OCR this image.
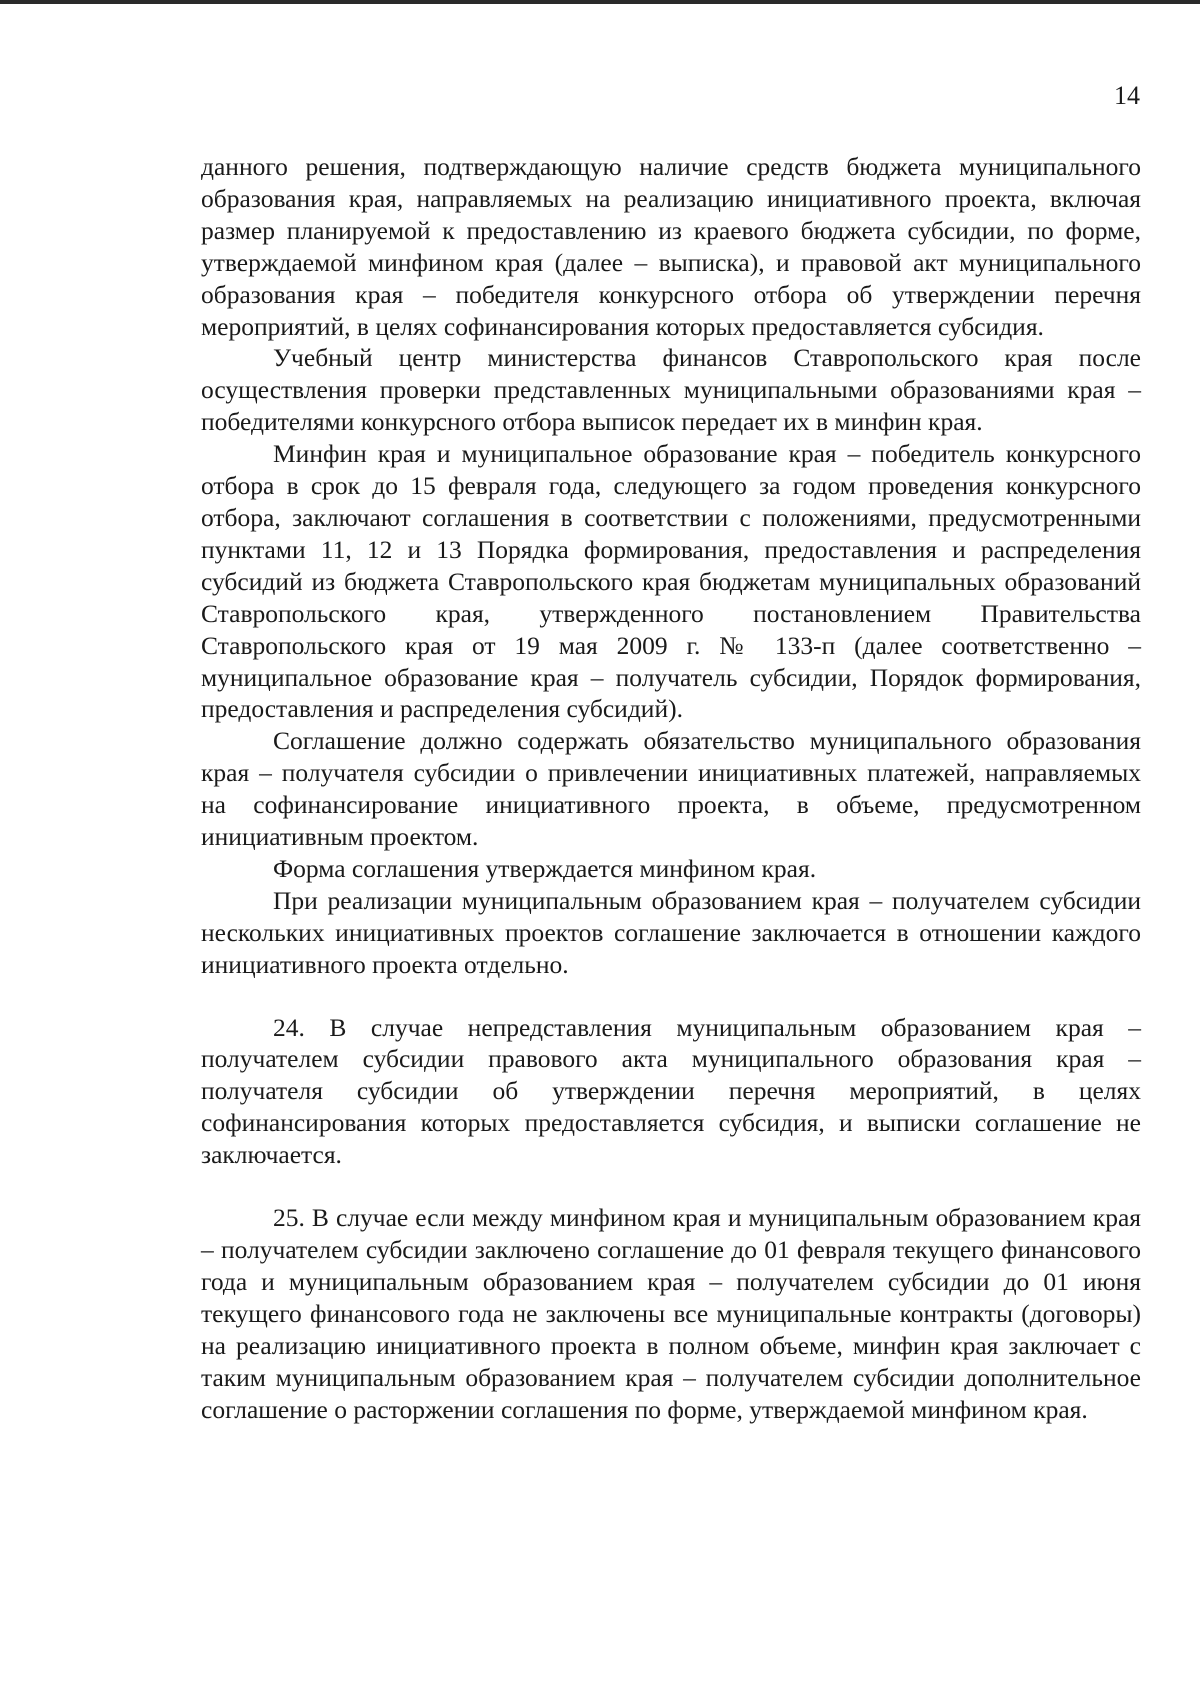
14

данного решения, подтверждающую наличие средств бюджета муниципального образования края, направляемых на реализацию инициативного проекта, включая размер планируемой к предоставлению из краевого бюджета субсидии, по форме, утверждаемой минфином края (далее – выписка), и правовой акт муниципального образования края – победителя конкурсного отбора об утверждении перечня мероприятий, в целях софинансирования которых предоставляется субсидия.

Учебный центр министерства финансов Ставропольского края после осуществления проверки представленных муниципальными образованиями края – победителями конкурсного отбора выписок передает их в минфин края.

Минфин края и муниципальное образование края – победитель конкурсного отбора в срок до 15 февраля года, следующего за годом проведения конкурсного отбора, заключают соглашения в соответствии с положениями, предусмотренными пунктами 11, 12 и 13 Порядка формирования, предоставления и распределения субсидий из бюджета Ставропольского края бюджетам муниципальных образований Ставропольского края, утвержденного постановлением Правительства Ставропольского края от 19 мая 2009 г. № 133-п (далее соответственно – муниципальное образование края – получатель субсидии, Порядок формирования, предоставления и распределения субсидий).

Соглашение должно содержать обязательство муниципального образования края – получателя субсидии о привлечении инициативных платежей, направляемых на софинансирование инициативного проекта, в объеме, предусмотренном инициативным проектом.

Форма соглашения утверждается минфином края.

При реализации муниципальным образованием края – получателем субсидии нескольких инициативных проектов соглашение заключается в отношении каждого инициативного проекта отдельно.

24. В случае непредставления муниципальным образованием края – получателем субсидии правового акта муниципального образования края – получателя субсидии об утверждении перечня мероприятий, в целях софинансирования которых предоставляется субсидия, и выписки соглашение не заключается.

25. В случае если между минфином края и муниципальным образованием края – получателем субсидии заключено соглашение до 01 февраля текущего финансового года и муниципальным образованием края – получателем субсидии до 01 июня текущего финансового года не заключены все муниципальные контракты (договоры) на реализацию инициативного проекта в полном объеме, минфин края заключает с таким муниципальным образованием края – получателем субсидии дополнительное соглашение о расторжении соглашения по форме, утверждаемой минфином края.
